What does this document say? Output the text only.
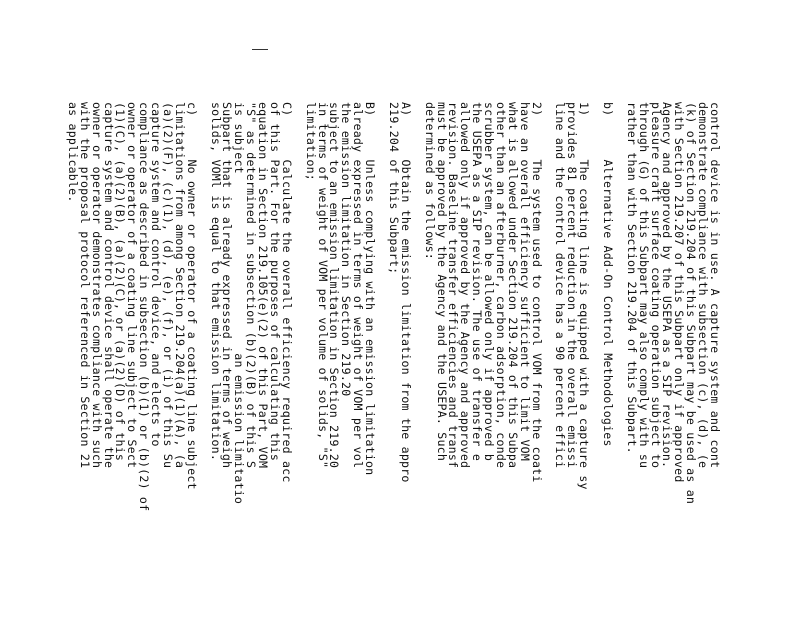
control device is in use. A capture system and cont
demonstrate compliance with subsection (c), (d), (e
(k) of Section 219.204 of this Subpart may be used as an
with Section 219.207 of this Subpart only if approved
Agency and approved by the USEPA as a SIP revision.
pleasure craft surface coating operation subject to
through (G) of this Subpart may also comply with su
rather than with Section 219.204 of this Subpart.
b)      Alternative Add-On Control Methodologies
1)      The coating line is equipped with a capture sy
provides 81 percent reduction in the overall emissi
line and the control device has a 90 percent effici
2)      The system used to control VOM from the coati
have an overall efficiency sufficient to limit VOM
what is allowed under Section 219.204 of this Subpa
other than an afterburner, carbon adsorption, conde
scrubber system, can be allowed only if approved b
the USEPA as a SIP revision. The use of transfer e
allowed only if approved by the Agency and approved
revision. Baseline transfer efficiencies and transf
must be approved by the Agency and the USEPA. Such
determined as follows:
A)      Obtain the emission limitation from the appro
219.204 of this Subpart;
B)      Unless complying with an emission limitation
already expressed in terms of weight of VOM per vol
the emission limitation in Section 219.20
subject to an emission limitation in Section 219.20
in terms of weight of VOM per volume of solids, "S"
limitation;
C)      Calculate the overall efficiency required acc
of this Part. For the purposes of calculating this
equation in Section 219.105(e)(2) of this Part, VOM
"S" as determined in subsection (b)(2)(B) of this S
is subject                         an emission limitatio
Subpart that is already expressed in terms of weigh
solids, VOMl is equal to that emission limitation.
c)      No owner or operator of a coating line subject
limitations from among Section 219.204(a)(1)(A), (a
(a)(2)(F), (c)(1), (d), (e), (f), or (i) of this Su
capture system and control device, and elects to
compliance as described in subsection (b)(1) or (b)(2) of
owner or operator of a coating line subject to Sect
(1)(C), (a)(2)(B), (a)(2)(C), or (a)(2)(D) of this
capture system and control device shall operate the
owner or operator demonstrates compliance with such
with the proposal protocol referenced in Section 21
as applicable.
